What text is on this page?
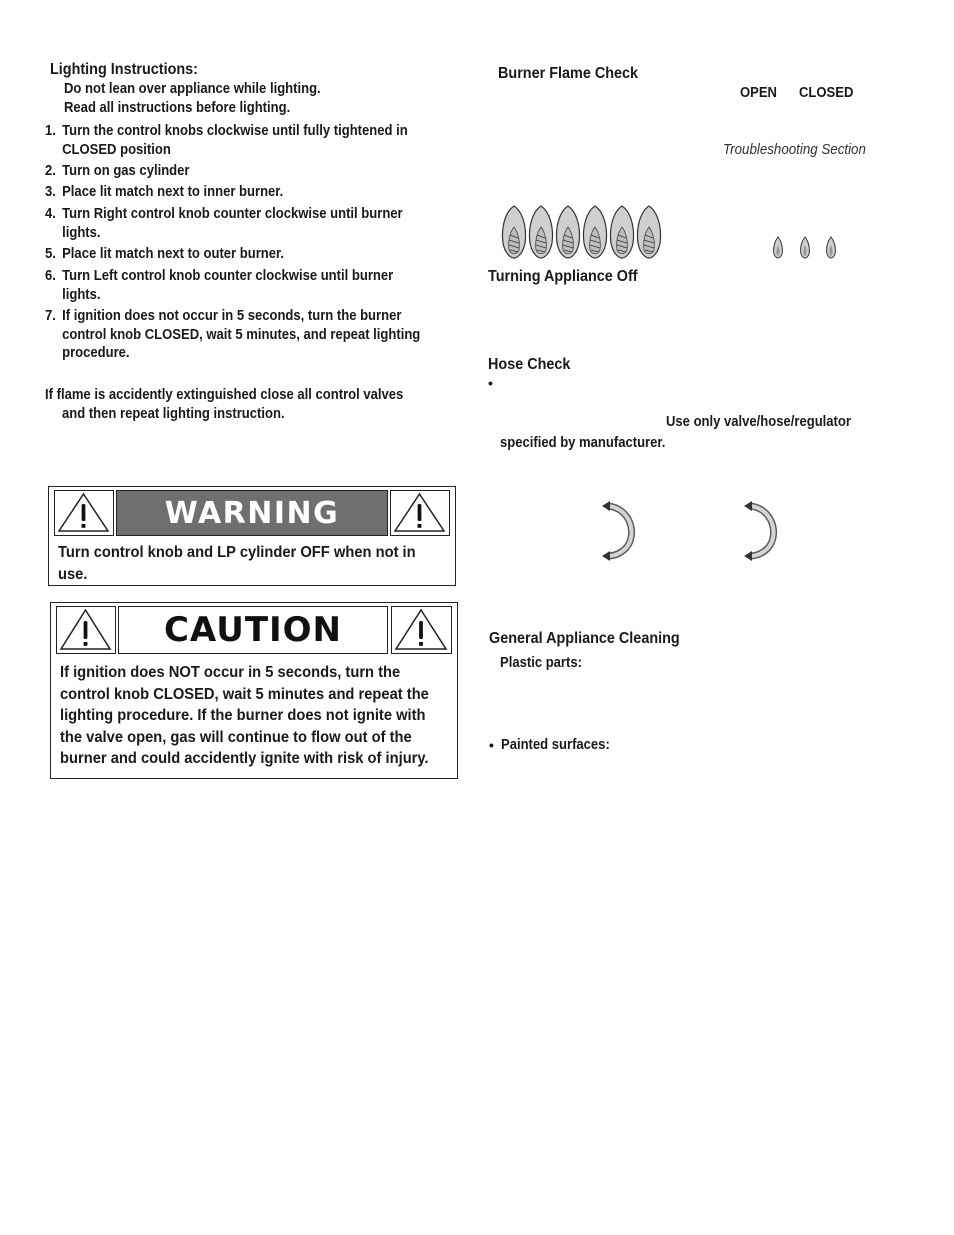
Lighting Instructions:
Do not lean over appliance while lighting.
Read all instructions before lighting.
1. Turn the control knobs clockwise until fully tightened in
CLOSED position
2. Turn on gas cylinder
3. Place lit match next to inner burner.
4. Turn Right control knob counter clockwise until burner
lights.
5. Place lit match next to outer burner.
6. Turn Left control knob counter clockwise until burner
lights.
7. If ignition does not occur in 5 seconds, turn the burner
control knob CLOSED, wait 5 minutes, and repeat lighting
procedure.
If flame is accidently extinguished close all control valves
and then repeat lighting instruction.
WARNING
Turn control knob and LP cylinder OFF when not in
use.
CAUTION
If ignition does NOT occur in 5 seconds, turn the
control knob CLOSED, wait 5 minutes and repeat the
lighting procedure. If the burner does not ignite with
the valve open, gas will continue to flow out of the
burner and could accidently ignite with risk of injury.
Burner Flame Check
OPEN CLOSED
Troubleshooting Section
Turning Appliance Off
Hose Check
•
Use only valve/hose/regulator
specified by manufacturer.
General Appliance Cleaning
Plastic parts:
• Painted surfaces:
